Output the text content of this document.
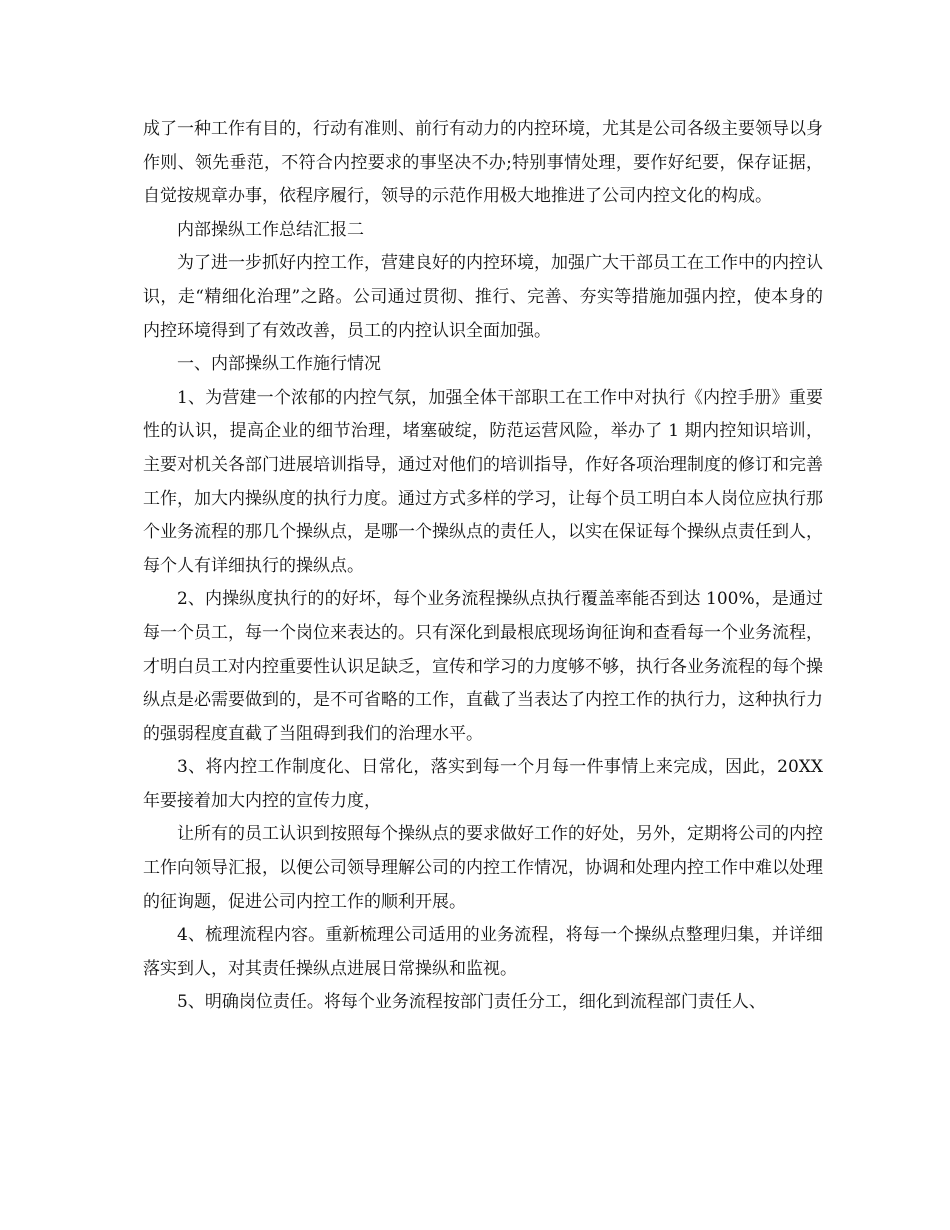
成了一种工作有目的，行动有准则、前行有动力的内控环境，尤其是公司各级主要领导以身作则、领先垂范，不符合内控要求的事坚决不办;特别事情处理，要作好纪要，保存证据，自觉按规章办事，依程序履行，领导的示范作用极大地推进了公司内控文化的构成。

内部操纵工作总结汇报二

为了进一步抓好内控工作，营建良好的内控环境，加强广大干部员工在工作中的内控认识，走“精细化治理”之路。公司通过贯彻、推行、完善、夯实等措施加强内控，使本身的内控环境得到了有效改善，员工的内控认识全面加强。

一、内部操纵工作施行情况

1、为营建一个浓郁的内控气氛，加强全体干部职工在工作中对执行《内控手册》重要性的认识，提高企业的细节治理，堵塞破绽，防范运营风险，举办了 1 期内控知识培训，主要对机关各部门进展培训指导，通过对他们的培训指导，作好各项治理制度的修订和完善工作，加大内操纵度的执行力度。通过方式多样的学习，让每个员工明白本人岗位应执行那个业务流程的那几个操纵点，是哪一个操纵点的责任人，以实在保证每个操纵点责任到人，每个人有详细执行的操纵点。

2、内操纵度执行的的好坏，每个业务流程操纵点执行覆盖率能否到达 100%，是通过每一个员工，每一个岗位来表达的。只有深化到最根底现场询征询和查看每一个业务流程，才明白员工对内控重要性认识足缺乏，宣传和学习的力度够不够，执行各业务流程的每个操纵点是必需要做到的，是不可省略的工作，直截了当表达了内控工作的执行力，这种执行力的强弱程度直截了当阻碍到我们的治理水平。

3、将内控工作制度化、日常化，落实到每一个月每一件事情上来完成，因此，20XX 年要接着加大内控的宣传力度，

让所有的员工认识到按照每个操纵点的要求做好工作的好处，另外，定期将公司的内控工作向领导汇报，以便公司领导理解公司的内控工作情况，协调和处理内控工作中难以处理的征询题，促进公司内控工作的顺利开展。

4、梳理流程内容。重新梳理公司适用的业务流程，将每一个操纵点整理归集，并详细落实到人，对其责任操纵点进展日常操纵和监视。

5、明确岗位责任。将每个业务流程按部门责任分工，细化到流程部门责任人、
